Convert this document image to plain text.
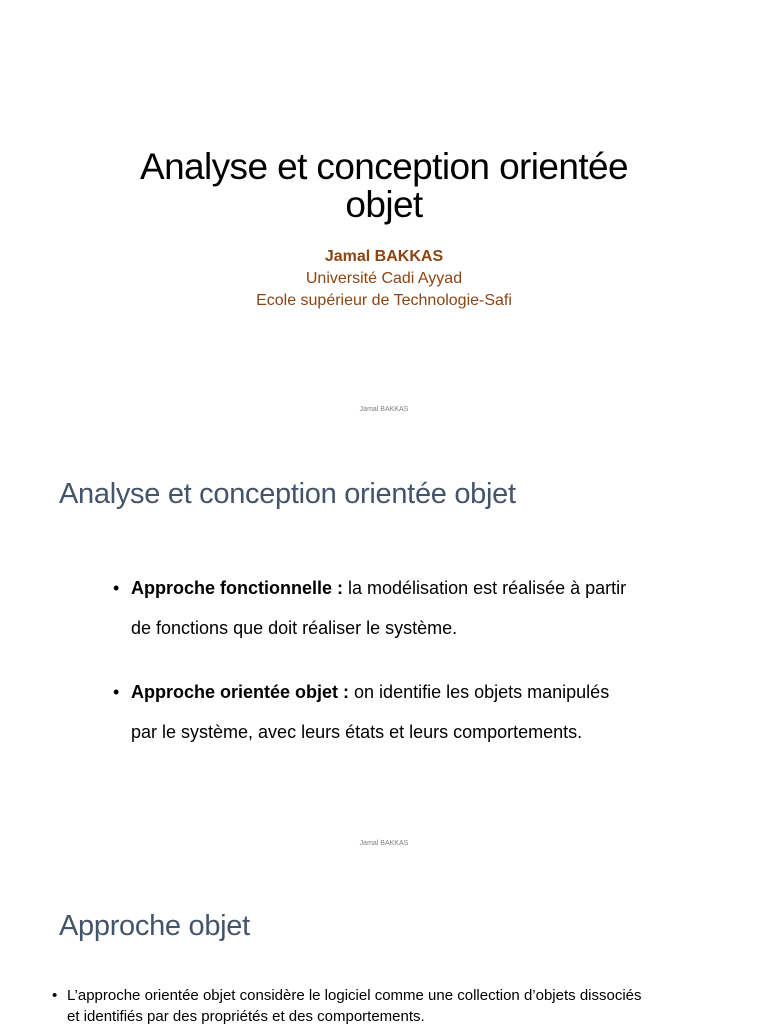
Analyse et conception orientée
objet
Jamal BAKKAS
Université Cadi Ayyad
Ecole supérieur de Technologie-Safi
Jamal BAKKAS
Analyse et conception orientée objet
• Approche fonctionnelle : la modélisation est réalisée à partir
de fonctions que doit réaliser le système.
• Approche orientée objet : on identifie les objets manipulés
par le système, avec leurs états et leurs comportements.
Jamal BAKKAS
Approche objet
• L’approche orientée objet considère le logiciel comme une collection d’objets dissociés
et identifiés par des propriétés et des comportements.
